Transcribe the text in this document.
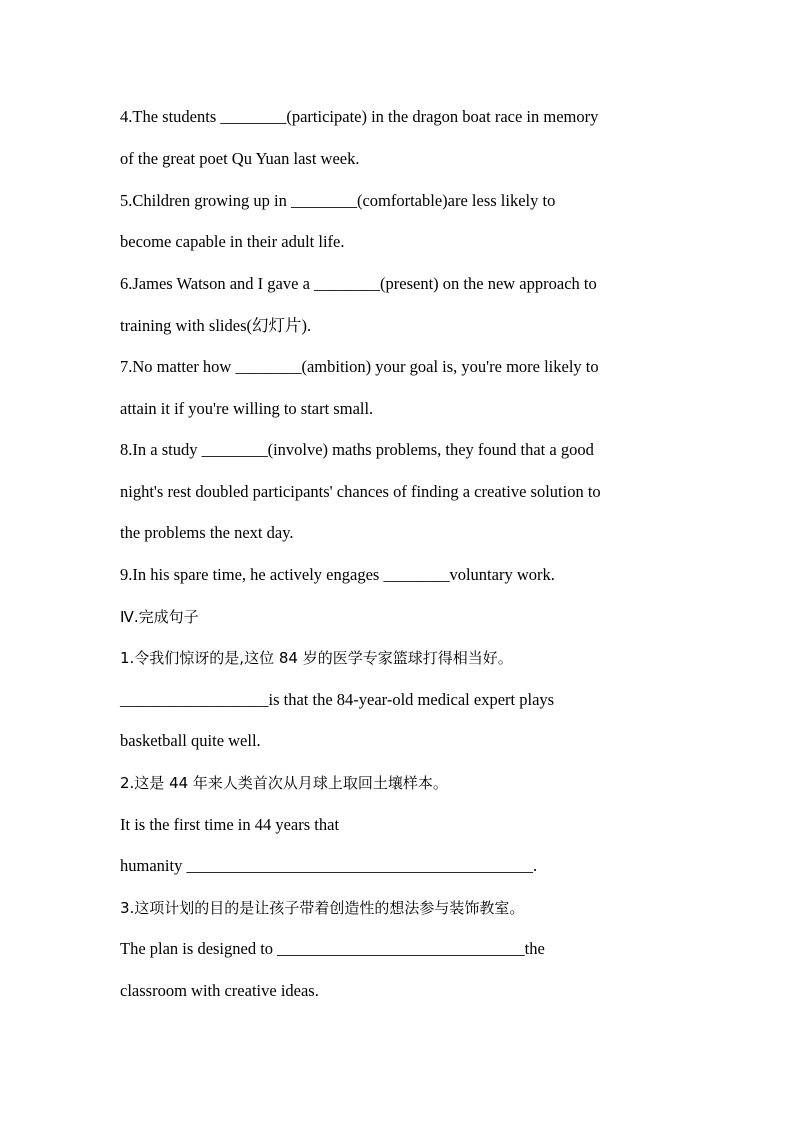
4.The students ________(participate) in the dragon boat race in memory
of the great poet Qu Yuan last week.
5.Children growing up in ________(comfortable)are less likely to
become capable in their adult life.
6.James Watson and I gave a ________(present) on the new approach to
training with slides(幻灯片).
7.No matter how ________(ambition) your goal is, you're more likely to
attain it if you're willing to start small.
8.In a study ________(involve) maths problems, they found that a good
night's rest doubled participants' chances of finding a creative solution to
the problems the next day.
9.In his spare time, he actively engages ________voluntary work.
Ⅳ.完成句子
1.令我们惊讶的是,这位 84 岁的医学专家篮球打得相当好。
__________________is that the 84-year-old medical expert plays
basketball quite well.
2.这是 44 年来人类首次从月球上取回土壤样本。
It is the first time in 44 years that
humanity __________________________________________.
3.这项计划的目的是让孩子带着创造性的想法参与装饰教室。
The plan is designed to ______________________________the
classroom with creative ideas.
